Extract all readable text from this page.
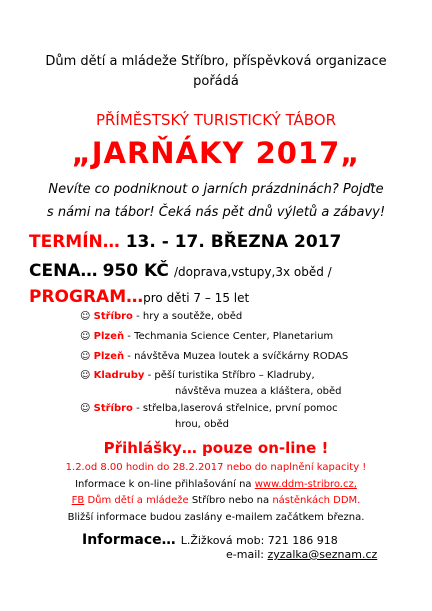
Dům dětí a mládeže Stříbro, příspěvková organizace
pořádá
PŘÍMĚSTSKÝ TURISTICKÝ TÁBOR
„JARŇÁKY 2017„
Nevíte co podniknout o jarních prázdninách? Pojďte
s námi na tábor! Čeká nás pět dnů výletů a zábavy!
TERMÍN… 13. - 17. BŘEZNA 2017
CENA… 950 KČ /doprava,vstupy,3x oběd /
PROGRAM…pro děti 7 – 15 let
☺ Stříbro - hry a soutěže, oběd
☺ Plzeň - Techmania Science Center, Planetarium
☺ Plzeň - návštěva Muzea loutek a svíčkárny RODAS
☺ Kladruby - pěší turistika Stříbro – Kladruby,
návštěva muzea a kláštera, oběd
☺ Stříbro - střelba,laserová střelnice, první pomoc
hrou, oběd
Přihlášky… pouze on-line !
1.2.od 8.00 hodin do 28.2.2017 nebo do naplnění kapacity !
Informace k on-line přihlašování na www.ddm-stribro.cz,
FB Dům dětí a mládeže Stříbro nebo na nástěnkách DDM.
Bližší informace budou zaslány e-mailem začátkem března.
Informace… L.Žižková mob: 721 186 918
e-mail: zyzalka@seznam.cz
